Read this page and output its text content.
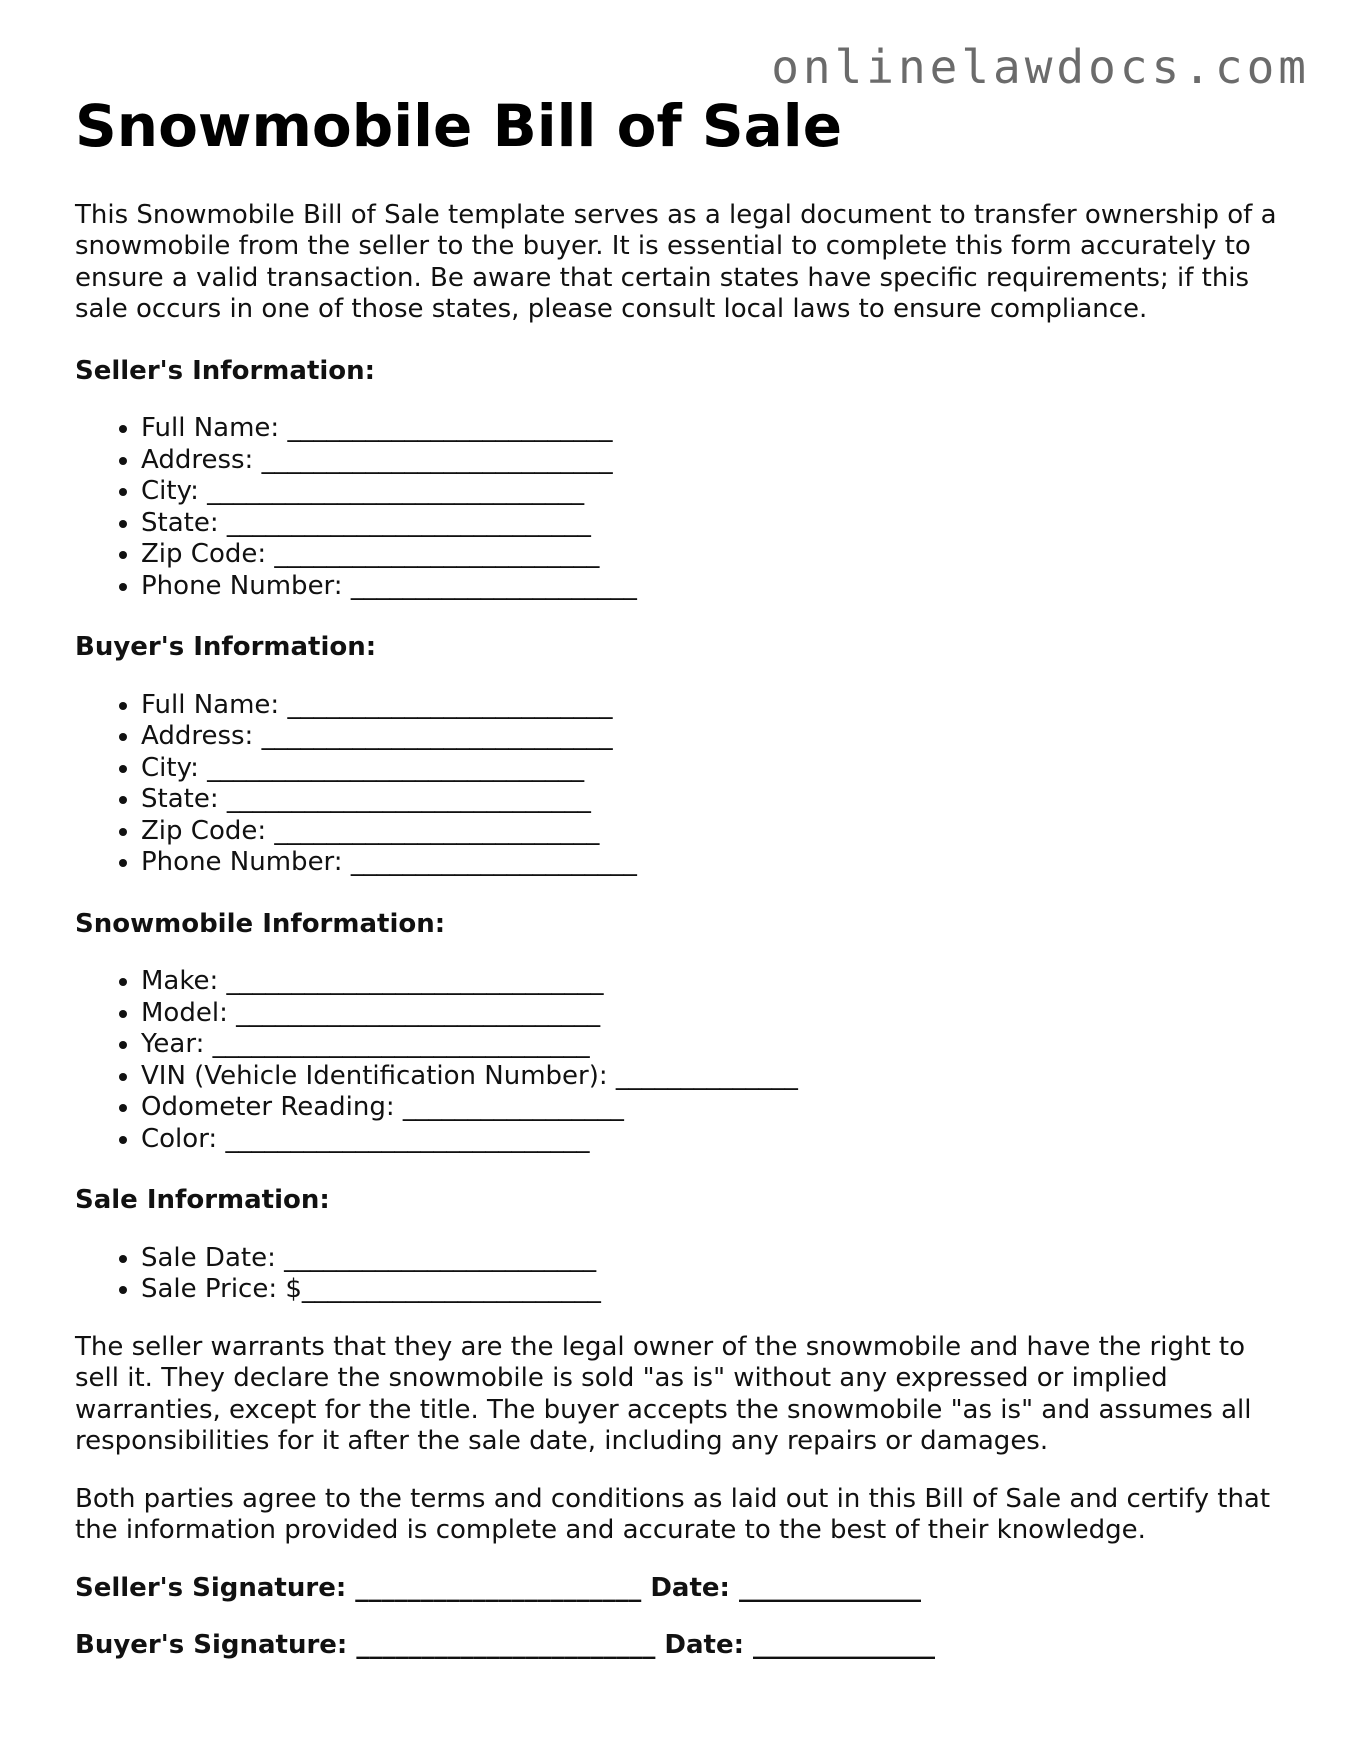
onlinelawdocs.com
Snowmobile Bill of Sale

This Snowmobile Bill of Sale template serves as a legal document to transfer ownership of a snowmobile from the seller to the buyer. It is essential to complete this form accurately to ensure a valid transaction. Be aware that certain states have specific requirements; if this sale occurs in one of those states, please consult local laws to ensure compliance.

Seller's Information:
• Full Name: _________________________
• Address: ___________________________
• City: _____________________________
• State: ____________________________
• Zip Code: _________________________
• Phone Number: ______________________
Buyer's Information:
• Full Name: _________________________
• Address: ___________________________
• City: _____________________________
• State: ____________________________
• Zip Code: _________________________
• Phone Number: ______________________
Snowmobile Information:
• Make: _____________________________
• Model: ____________________________
• Year: _____________________________
• VIN (Vehicle Identification Number): ______________
• Odometer Reading: _________________
• Color: ____________________________
Sale Information:
• Sale Date: ________________________
• Sale Price: $_______________________

The seller warrants that they are the legal owner of the snowmobile and have the right to sell it. They declare the snowmobile is sold "as is" without any expressed or implied warranties, except for the title. The buyer accepts the snowmobile "as is" and assumes all responsibilities for it after the sale date, including any repairs or damages.

Both parties agree to the terms and conditions as laid out in this Bill of Sale and certify that the information provided is complete and accurate to the best of their knowledge.

Seller's Signature: ______________________ Date: ______________
Buyer's Signature: _______________________ Date: ______________
